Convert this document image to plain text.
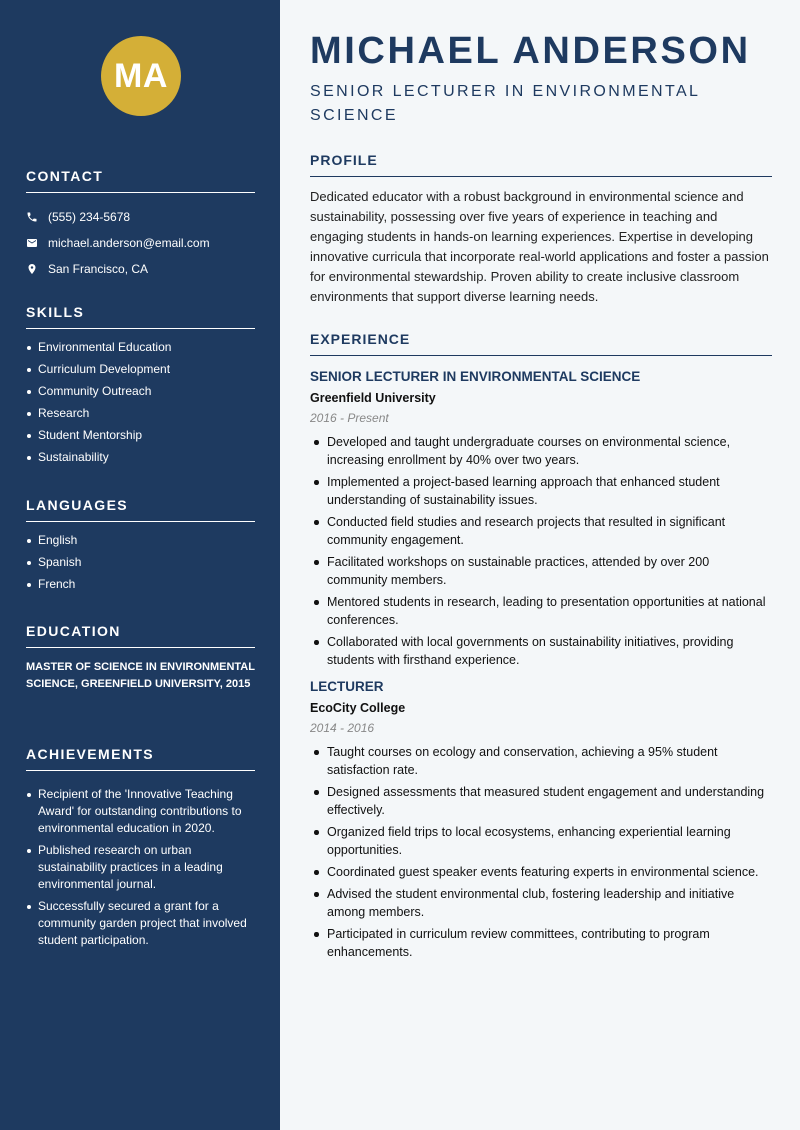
MA
CONTACT
(555) 234-5678
michael.anderson@email.com
San Francisco, CA
SKILLS
Environmental Education
Curriculum Development
Community Outreach
Research
Student Mentorship
Sustainability
LANGUAGES
English
Spanish
French
EDUCATION
MASTER OF SCIENCE IN ENVIRONMENTAL SCIENCE, GREENFIELD UNIVERSITY, 2015
ACHIEVEMENTS
Recipient of the 'Innovative Teaching Award' for outstanding contributions to environmental education in 2020.
Published research on urban sustainability practices in a leading environmental journal.
Successfully secured a grant for a community garden project that involved student participation.
MICHAEL ANDERSON
SENIOR LECTURER IN ENVIRONMENTAL SCIENCE
PROFILE

Dedicated educator with a robust background in environmental science and sustainability, possessing over five years of experience in teaching and engaging students in hands-on learning experiences. Expertise in developing innovative curricula that incorporate real-world applications and foster a passion for environmental stewardship. Proven ability to create inclusive classroom environments that support diverse learning needs.

EXPERIENCE
SENIOR LECTURER IN ENVIRONMENTAL SCIENCE
Greenfield University
2016 - Present
Developed and taught undergraduate courses on environmental science, increasing enrollment by 40% over two years.
Implemented a project-based learning approach that enhanced student understanding of sustainability issues.
Conducted field studies and research projects that resulted in significant community engagement.
Facilitated workshops on sustainable practices, attended by over 200 community members.
Mentored students in research, leading to presentation opportunities at national conferences.
Collaborated with local governments on sustainability initiatives, providing students with firsthand experience.
LECTURER
EcoCity College
2014 - 2016
Taught courses on ecology and conservation, achieving a 95% student satisfaction rate.
Designed assessments that measured student engagement and understanding effectively.
Organized field trips to local ecosystems, enhancing experiential learning opportunities.
Coordinated guest speaker events featuring experts in environmental science.
Advised the student environmental club, fostering leadership and initiative among members.
Participated in curriculum review committees, contributing to program enhancements.
